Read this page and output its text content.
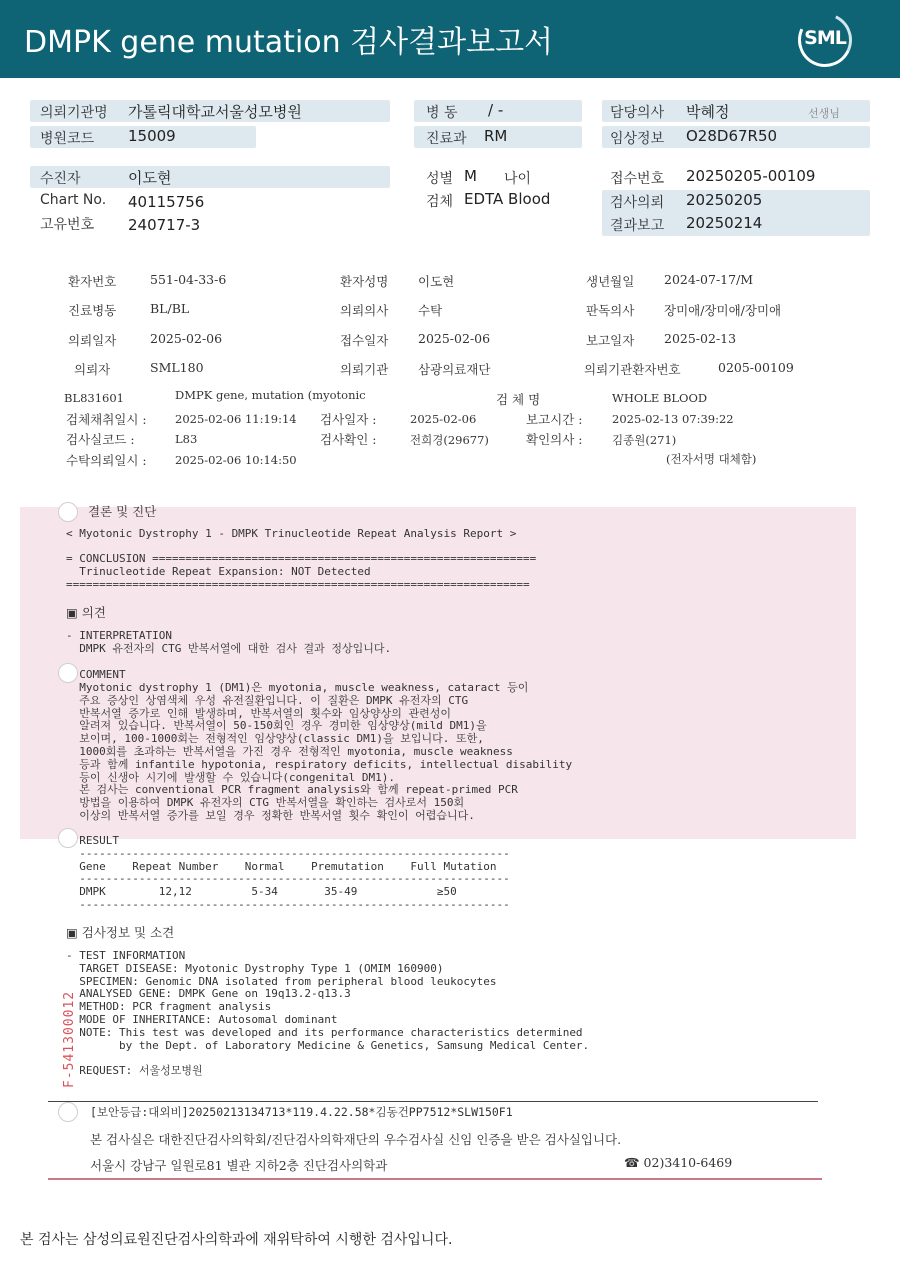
DMPK gene mutation 검사결과보고서	SML
의뢰기관명 가톨릭대학교서울성모병원
병원코드 15009
병 동 / -
진료과 RM
담당의사 박혜정	선생님
임상정보 O28D67R50
수진자	이도현
Chart No. 40115756
고유번호 240717-3
성별 M 나이
검체 EDTA Blood
접수번호 20250205-00109
검사의뢰 20250205
결과보고 20250214
환자번호	551-04-33-6	환자성명 이도현	생년월일 2024-07-17/M
진료병동	BL/BL	의뢰의사 수탁	판독의사 장미애/장미애/장미애
의뢰일자	2025-02-06	접수일자 2025-02-06	보고일자 2025-02-13
의뢰자	SML180	의뢰기관 삼광의료재단	의뢰기관환자번호	0205-00109
BL831601	DMPK gene, mutation (myotonic	검 체 명	WHOLE BLOOD
검체채취일시 : 2025-02-06 11:19:14 검사일자 :	2025-02-06	보고시간 :	2025-02-13 07:39:22
검사실코드 :	L83	검사확인 :	전희경(29677)	확인의사 :	김종원(271)
수탁의뢰일시 : 2025-02-06 10:14:50	(전자서명 대체함)
결론 및 진단
< Myotonic Dystrophy 1 - DMPK Trinucleotide Repeat Analysis Report >
= CONCLUSION ==========================================================
Trinucleotide Repeat Expansion: NOT Detected
======================================================================
▣ 의견
- INTERPRETATION
DMPK 유전자의 CTG 반복서열에 대한 검사 결과 정상입니다.
COMMENT
Myotonic dystrophy 1 (DM1)은 myotonia, muscle weakness, cataract 등이
주요 증상인 상염색체 우성 유전질환입니다. 이 질환은 DMPK 유전자의 CTG
반복서열 증가로 인해 발생하며, 반복서열의 횟수와 임상양상의 관련성이
알려져 있습니다. 반복서열이 50-150회인 경우 경미한 임상양상(mild DM1)을
보이며, 100-1000회는 전형적인 임상양상(classic DM1)을 보입니다. 또한,
1000회를 초과하는 반복서열을 가진 경우 전형적인 myotonia, muscle weakness
등과 함께 infantile hypotonia, respiratory deficits, intellectual disability
등이 신생아 시기에 발생할 수 있습니다(congenital DM1).
본 검사는 conventional PCR fragment analysis와 함께 repeat-primed PCR
방법을 이용하여 DMPK 유전자의 CTG 반복서열을 확인하는 검사로서 150회
이상의 반복서열 증가를 보일 경우 정확한 반복서열 횟수 확인이 어렵습니다.
RESULT
-----------------------------------------------------------------
Gene    Repeat Number    Normal    Premutation    Full Mutation
-----------------------------------------------------------------
DMPK        12,12         5-34       35-49            ≥50
-----------------------------------------------------------------
▣ 검사정보 및 소견
- TEST INFORMATION
TARGET DISEASE: Myotonic Dystrophy Type 1 (OMIM 160900)
SPECIMEN: Genomic DNA isolated from peripheral blood leukocytes
ANALYSED GENE: DMPK Gene on 19q13.2-q13.3
METHOD: PCR fragment analysis
MODE OF INHERITANCE: Autosomal dominant
NOTE: This test was developed and its performance characteristics determined
by the Dept. of Laboratory Medicine & Genetics, Samsung Medical Center.
REQUEST: 서울성모병원
F-541300012
[보안등급:대외비]20250213134713*119.4.22.58*김동건PP7512*SLW150F1
본 검사실은 대한진단검사의학회/진단검사의학재단의 우수검사실 신임 인증을 받은 검사실입니다.
서울시 강남구 일원로81 별관 지하2층 진단검사의학과	☎ 02)3410-6469
본 검사는 삼성의료원진단검사의학과에 재위탁하여 시행한 검사입니다.
